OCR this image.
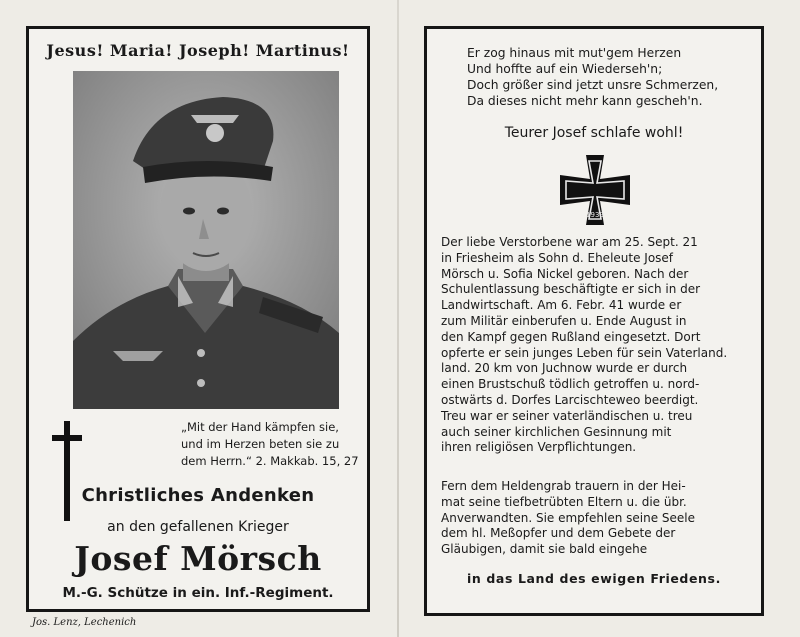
Jesus! Maria! Joseph! Martinus!
„Mit der Hand kämpfen sie,
und im Herzen beten sie zu
dem Herrn.“ 2. Makkab. 15, 27
Christliches Andenken
an den gefallenen Krieger
Josef Mörsch
M.-G. Schütze in ein. Inf.-Regiment.
Jos. Lenz, Lechenich
Er zog hinaus mit mut'gem Herzen
Und hoffte auf ein Wiederseh'n;
Doch größer sind jetzt unsre Schmerzen,
Da dieses nicht mehr kann gescheh'n.
Teurer Josef schlafe wohl!
1939
Der liebe Verstorbene war am 25. Sept. 21
in Friesheim als Sohn d. Eheleute Josef
Mörsch u. Sofia Nickel geboren. Nach der
Schulentlassung beschäftigte er sich in der
Landwirtschaft. Am 6. Febr. 41 wurde er
zum Militär einberufen u. Ende August in
den Kampf gegen Rußland eingesetzt. Dort
opferte er sein junges Leben für sein Vaterland.
land. 20 km von Juchnow wurde er durch
einen Brustschuß tödlich getroffen u. nord-
ostwärts d. Dorfes Larcischteweo beerdigt.
Treu war er seiner vaterländischen u. treu
auch seiner kirchlichen Gesinnung mit
ihren religiösen Verpflichtungen.
Fern dem Heldengrab trauern in der Hei-
mat seine tiefbetrübten Eltern u. die übr.
Anverwandten. Sie empfehlen seine Seele
dem hl. Meßopfer und dem Gebete der
Gläubigen, damit sie bald eingehe
in das Land des ewigen Friedens.
